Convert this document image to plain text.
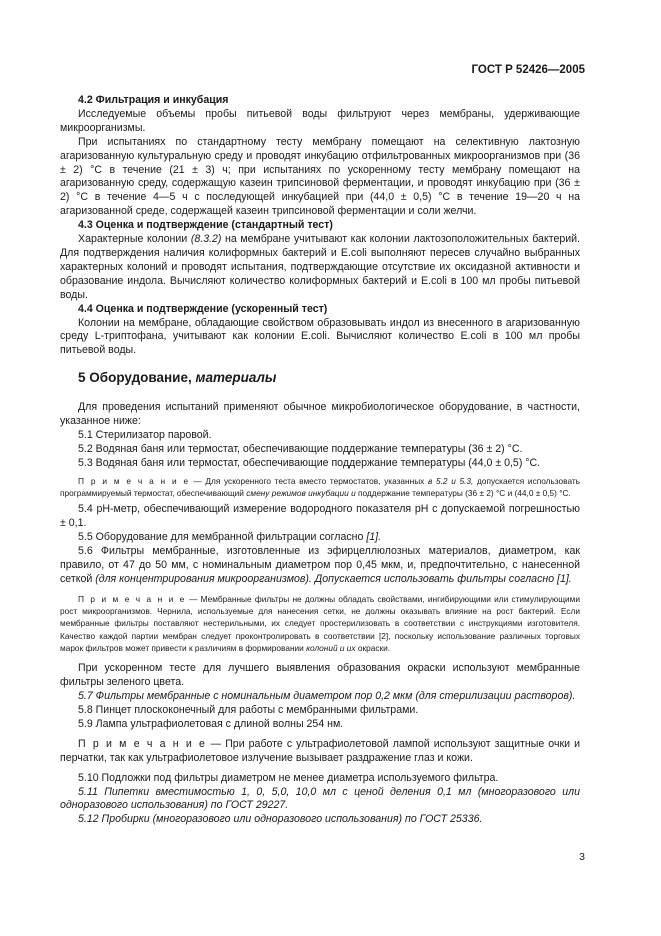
ГОСТ Р 52426—2005
4.2 Фильтрация и инкубация

Исследуемые объемы пробы питьевой воды фильтруют через мембраны, удерживающие микроорганизмы.

При испытаниях по стандартному тесту мембрану помещают на селективную лактозную агаризованную культуральную среду и проводят инкубацию отфильтрованных микроорганизмов при (36 ± 2) °С в течение (21 ± 3) ч; при испытаниях по ускоренному тесту мембрану помещают на агаризованную среду, содержащую казеин трипсиновой ферментации, и проводят инкубацию при (36 ± 2) °С в течение 4—5 ч с последующей инкубацией при (44,0 ± 0,5) °С в течение 19—20 ч на агаризованной среде, содержащей казеин трипсиновой ферментации и соли желчи.

4.3 Оценка и подтверждение (стандартный тест)

Характерные колонии (8.3.2) на мембране учитывают как колонии лактозоположительных бактерий. Для подтверждения наличия колиформных бактерий и E.coli выполняют пересев случайно выбранных характерных колоний и проводят испытания, подтверждающие отсутствие их оксидазной активности и образование индола. Вычисляют количество колиформных бактерий и E.coli в 100 мл пробы питьевой воды.

4.4 Оценка и подтверждение (ускоренный тест)

Колонии на мембране, обладающие свойством образовывать индол из внесенного в агаризованную среду L-триптофана, учитывают как колонии E.coli. Вычисляют количество E.coli в 100 мл пробы питьевой воды.

5 Оборудование, материалы

Для проведения испытаний применяют обычное микробиологическое оборудование, в частности, указанное ниже:

5.1 Стерилизатор паровой.

5.2 Водяная баня или термостат, обеспечивающие поддержание температуры (36 ± 2) °С.

5.3 Водяная баня или термостат, обеспечивающие поддержание температуры (44,0 ± 0,5) °С.

П р и м е ч а н и е — Для ускоренного теста вместо термостатов, указанных в 5.2 и 5.3, допускается использовать программируемый термостат, обеспечивающий смену режимов инкубации и поддержание температуры (36 ± 2) °С и (44,0 ± 0,5) °С.

5.4 pH-метр, обеспечивающий измерение водородного показателя pH с допускаемой погрешностью ± 0,1.

5.5 Оборудование для мембранной фильтрации согласно [1].

5.6 Фильтры мембранные, изготовленные из эфирцеллюлозных материалов, диаметром, как правило, от 47 до 50 мм, с номинальным диаметром пор 0,45 мкм, и, предпочтительно, с нанесенной сеткой (для концентрирования микроорганизмов). Допускается использовать фильтры согласно [1].

П р и м е ч а н и е — Мембранные фильтры не должны обладать свойствами, ингибирующими или стимулирующими рост микроорганизмов. Чернила, используемые для нанесения сетки, не должны оказывать влияние на рост бактерий. Если мембранные фильтры поставляют нестерильными, их следует простерилизовать в соответствии с инструкциями изготовителя. Качество каждой партии мембран следует проконтролировать в соответствии [2], поскольку использование различных торговых марок фильтров может привести к различиям в формировании колоний и их окраски.

При ускоренном тесте для лучшего выявления образования окраски используют мембранные фильтры зеленого цвета.

5.7 Фильтры мембранные с номинальным диаметром пор 0,2 мкм (для стерилизации растворов).

5.8 Пинцет плоскоконечный для работы с мембранными фильтрами.

5.9 Лампа ультрафиолетовая с длиной волны 254 нм.

П р и м е ч а н и е — При работе с ультрафиолетовой лампой используют защитные очки и перчатки, так как ультрафиолетовое излучение вызывает раздражение глаз и кожи.

5.10 Подложки под фильтры диаметром не менее диаметра используемого фильтра.

5.11 Пипетки вместимостью 1, 0, 5,0, 10,0 мл с ценой деления 0,1 мл (многоразового или одноразового использования) по ГОСТ 29227.

5.12 Пробирки (многоразового или одноразового использования) по ГОСТ 25336.

3
